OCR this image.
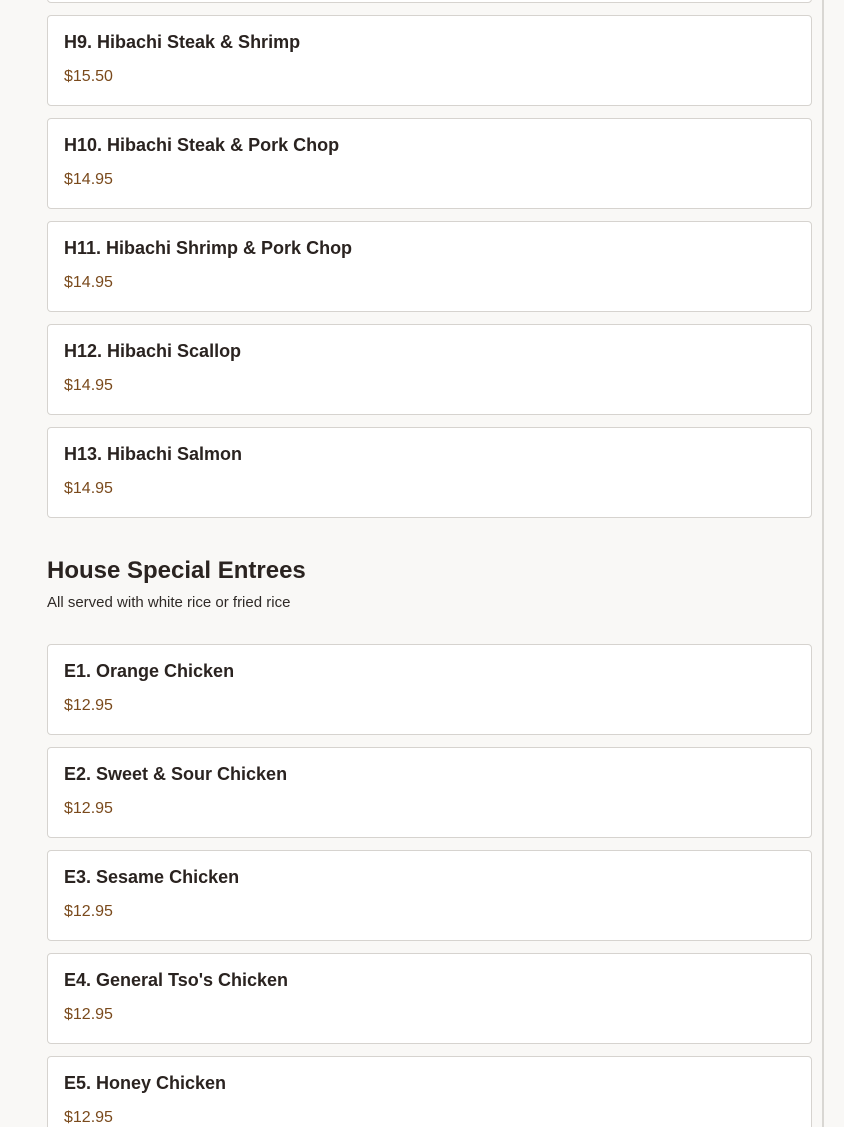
H9. Hibachi Steak & Shrimp
$15.50
H10. Hibachi Steak & Pork Chop
$14.95
H11. Hibachi Shrimp & Pork Chop
$14.95
H12. Hibachi Scallop
$14.95
H13. Hibachi Salmon
$14.95
House Special Entrees
All served with white rice or fried rice
E1. Orange Chicken
$12.95
E2. Sweet & Sour Chicken
$12.95
E3. Sesame Chicken
$12.95
E4. General Tso's Chicken
$12.95
E5. Honey Chicken
$12.95
